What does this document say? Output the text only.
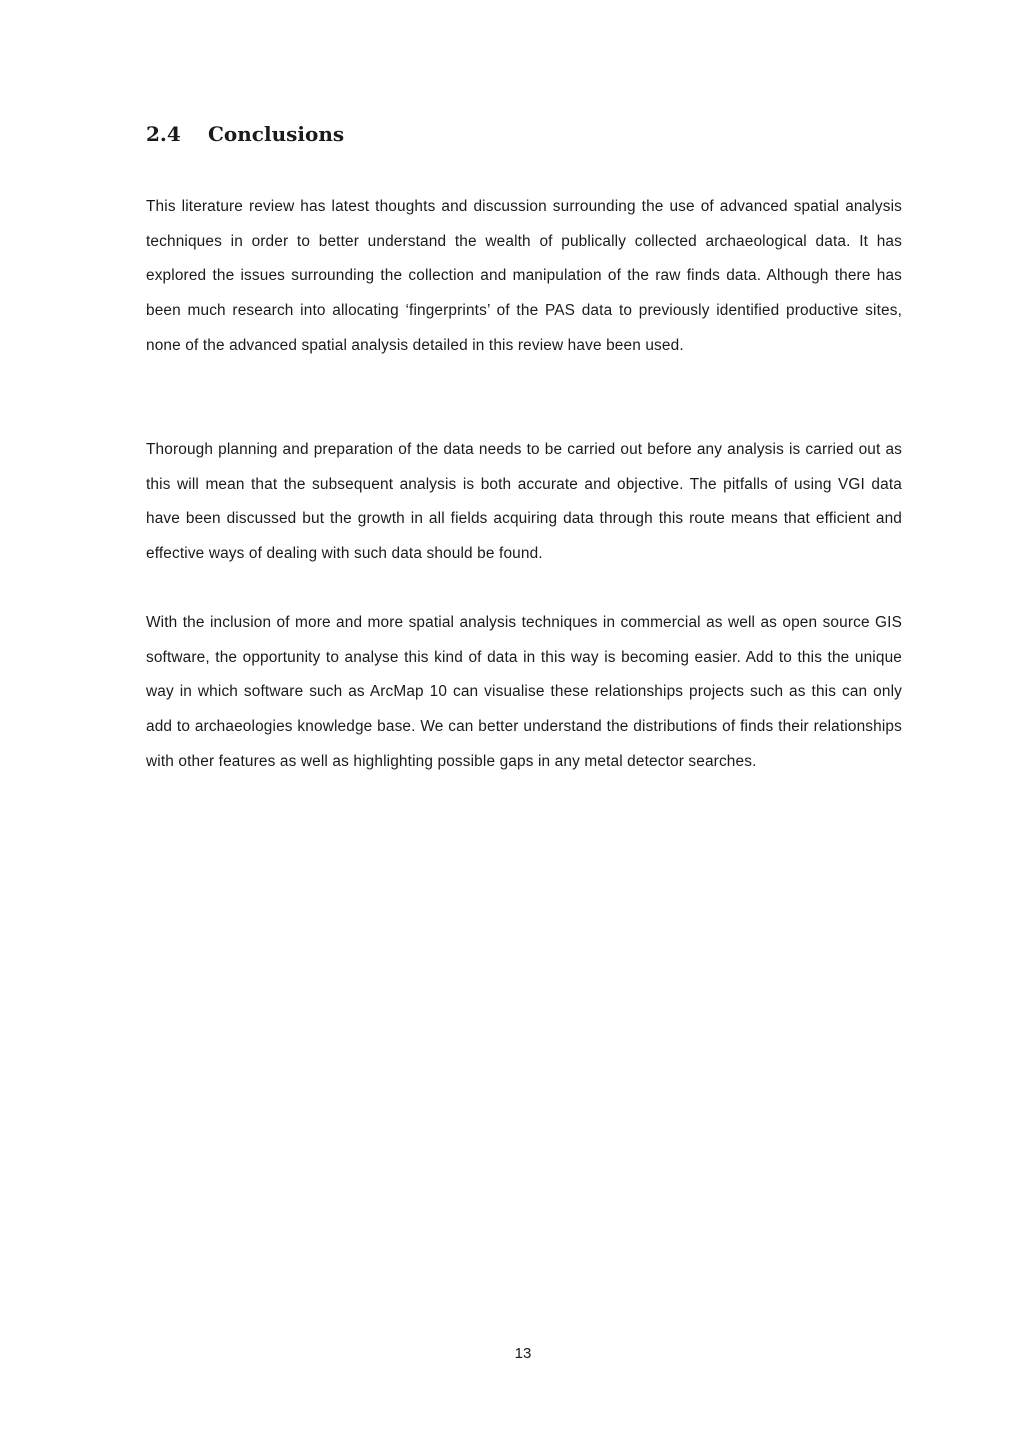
2.4 Conclusions

This literature review has latest thoughts and discussion surrounding the use of advanced spatial analysis techniques in order to better understand the wealth of publically collected archaeological data. It has explored the issues surrounding the collection and manipulation of the raw finds data. Although there has been much research into allocating ‘fingerprints’ of the PAS data to previously identified productive sites, none of the advanced spatial analysis detailed in this review have been used.

Thorough planning and preparation of the data needs to be carried out before any analysis is carried out as this will mean that the subsequent analysis is both accurate and objective. The pitfalls of using VGI data have been discussed but the growth in all fields acquiring data through this route means that efficient and effective ways of dealing with such data should be found.

With the inclusion of more and more spatial analysis techniques in commercial as well as open source GIS software, the opportunity to analyse this kind of data in this way is becoming easier. Add to this the unique way in which software such as ArcMap 10 can visualise these relationships projects such as this can only add to archaeologies knowledge base. We can better understand the distributions of finds their relationships with other features as well as highlighting possible gaps in any metal detector searches.

13
